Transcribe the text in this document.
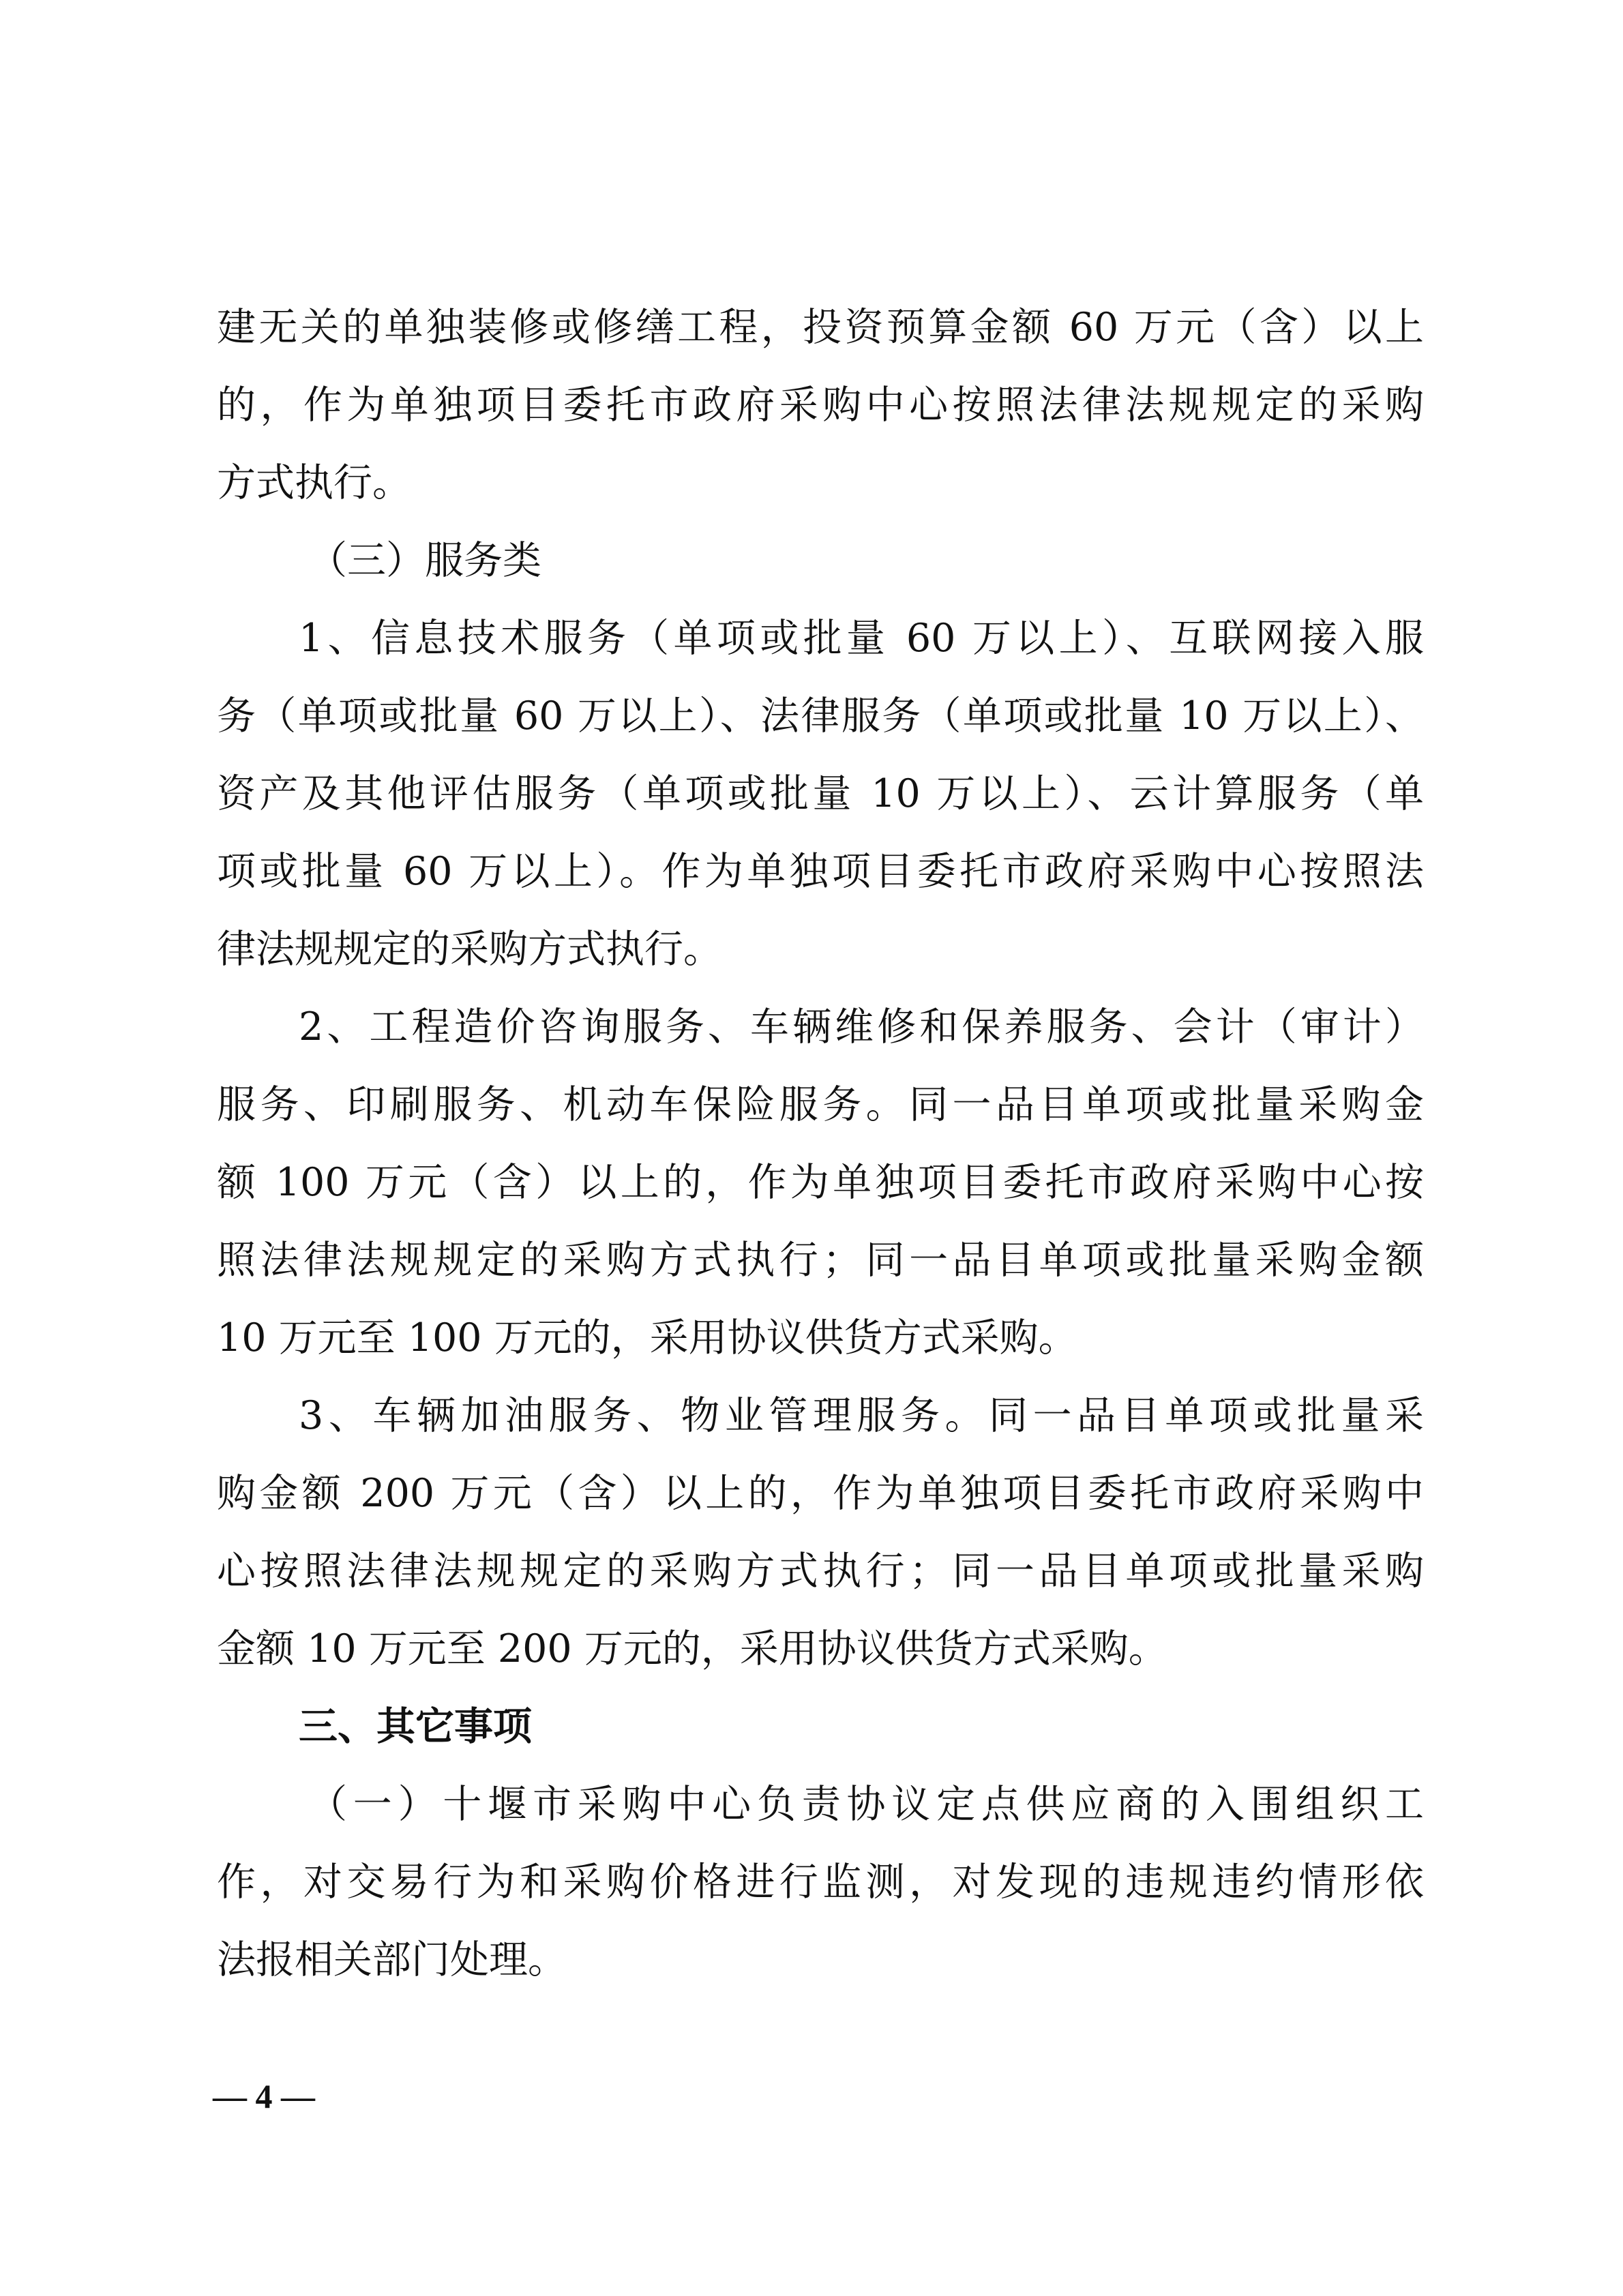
建无关的单独装修或修缮工程，投资预算金额 60 万元（含）以上
的，作为单独项目委托市政府采购中心按照法律法规规定的采购
方式执行。
（三）服务类
1、信息技术服务（单项或批量 60 万以上）、互联网接入服
务（单项或批量 60 万以上）、法律服务（单项或批量 10 万以上）、
资产及其他评估服务（单项或批量 10 万以上）、云计算服务（单
项或批量 60 万以上）。作为单独项目委托市政府采购中心按照法
律法规规定的采购方式执行。
2、工程造价咨询服务、车辆维修和保养服务、会计（审计）
服务、印刷服务、机动车保险服务。同一品目单项或批量采购金
额 100 万元（含）以上的，作为单独项目委托市政府采购中心按
照法律法规规定的采购方式执行；同一品目单项或批量采购金额
10 万元至 100 万元的，采用协议供货方式采购。
3、车辆加油服务、物业管理服务。同一品目单项或批量采
购金额 200 万元（含）以上的，作为单独项目委托市政府采购中
心按照法律法规规定的采购方式执行；同一品目单项或批量采购
金额 10 万元至 200 万元的，采用协议供货方式采购。
三、其它事项
（一）十堰市采购中心负责协议定点供应商的入围组织工
作，对交易行为和采购价格进行监测，对发现的违规违约情形依
法报相关部门处理。
— 4 —
